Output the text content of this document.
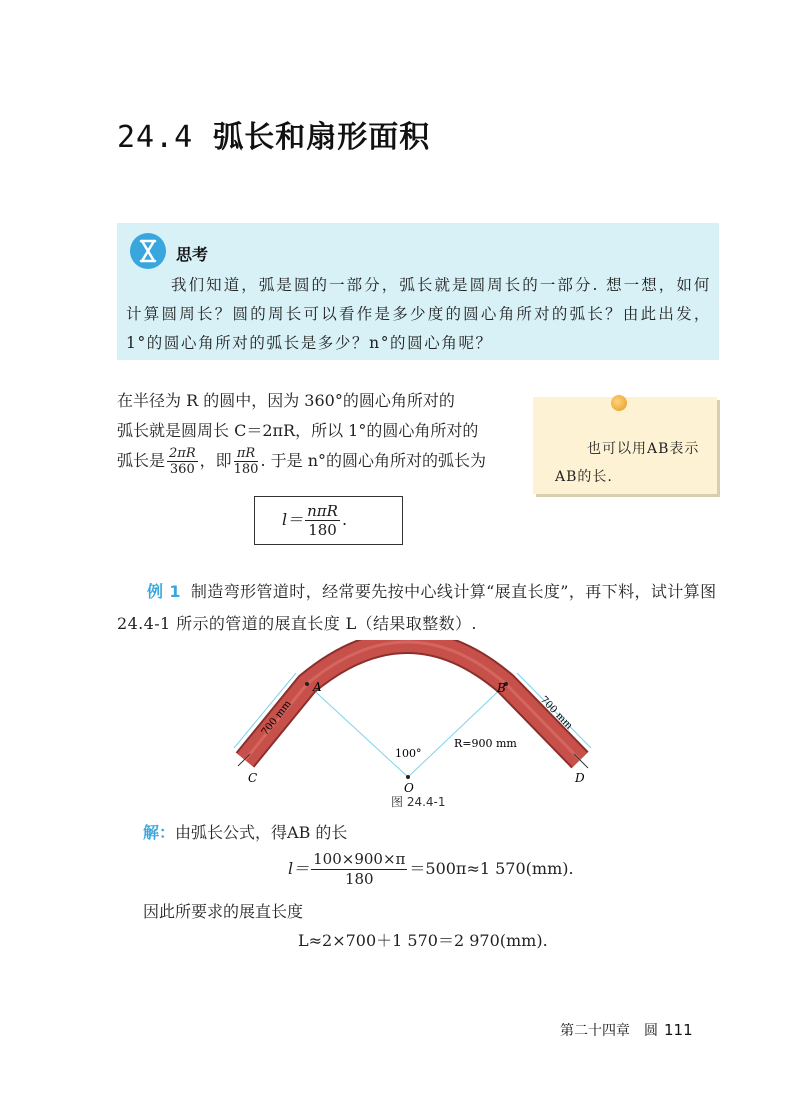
24.4 弧长和扇形面积
思考
我们知道，弧是圆的一部分，弧长就是圆周长的一部分. 想一想，如何计算圆周长？圆的周长可以看作是多少度的圆心角所对的弧长？由此出发，1°的圆心角所对的弧长是多少？n°的圆心角呢？

在半径为 R 的圆中，因为 360°的圆心角所对的

弧长就是圆周长 C＝2πR，所以 1°的圆心角所对的

弧长是 $\frac{2\pi R}{360}$ ，即 $\frac{\pi R}{180}$ . 于是 n°的圆心角所对的弧长为

也可以用AB表示AB的长.
$l= \frac{\text{nπR}}{180}$ .
例 1 制造弯形管道时，经常要先按中心线计算“展直长度”，再下料，试计算图 24.4-1 所示的管道的展直长度 L（结果取整数）.
A	B
C	D
O
100°
R=900 mm
700 mm	700 mm
图 24.4-1
解：由弧长公式，得AB 的长
$l= \frac{100\times 900\times\pi}{180} =500\pi\approx 1$ 570(mm).
因此所要求的展直长度
L≈2×700＋1 570＝2 970(mm).
第二十四章　圆 111
